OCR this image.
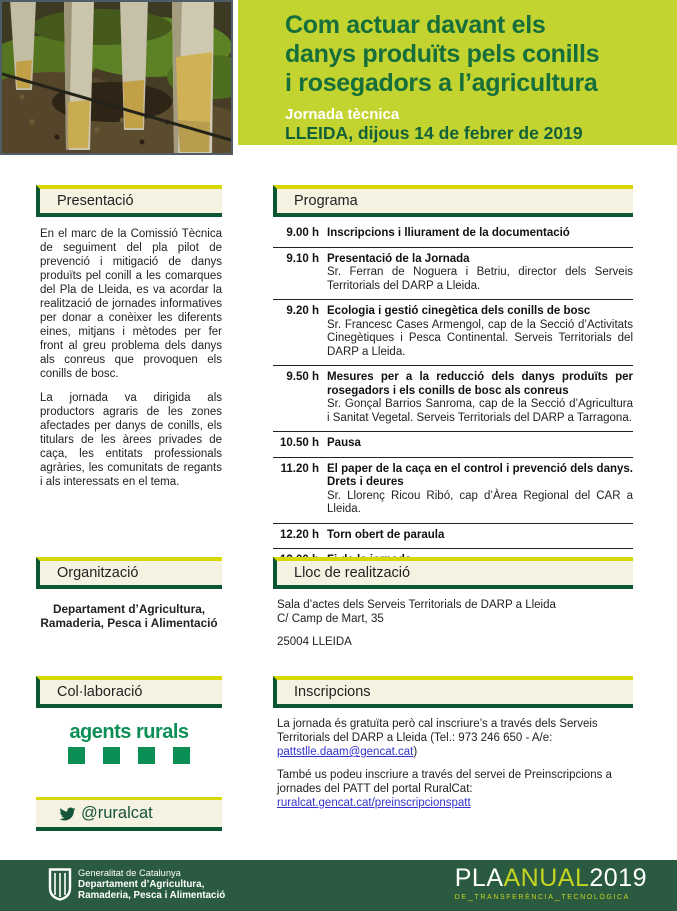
Com actuar davant els
danys produïts pels conills
i rosegadors a l’agricultura
Jornada tècnica
LLEIDA, dijous 14 de febrer de 2019
Presentació

En el marc de la Comissió Tècnica de seguiment del pla pilot de prevenció i mitigació de danys produïts pel conill a les comarques del Pla de Lleida, es va acordar la realització de jornades informatives per donar a conèixer les diferents eines, mitjans i mètodes per fer front al greu problema dels danys als conreus que provoquen els conills de bosc.

La jornada va dirigida als productors agraris de les zones afectades per danys de conills, els titulars de les àrees privades de caça, les entitats professionals agràries, les comunitats de regants i als interessats en el tema.

Programa
9.00 h Inscripcions i lliurament de la documentació
9.10 h Presentació de la Jornada
Sr. Ferran de Noguera i Betriu, director dels Serveis Territorials del DARP a Lleida.
9.20 h Ecologia i gestió cinegètica dels conills de bosc
Sr. Francesc Cases Armengol, cap de la Secció d’Activitats Cinegètiques i Pesca Continental. Serveis Territorials del DARP a Lleida.
9.50 h Mesures per a la reducció dels danys produïts per rosegadors i els conills de bosc als conreus
Sr. Gonçal Barrios Sanroma, cap de la Secció d’Agricultura i Sanitat Vegetal. Serveis Territorials del DARP a Tarragona.
10.50 h Pausa
11.20 h El paper de la caça en el control i prevenció dels danys. Drets i deures
Sr. Llorenç Ricou Ribó, cap d’Àrea Regional del CAR a Lleida.
12.20 h Torn obert de paraula
Organització
Departament d’Agricultura,
Ramaderia, Pesca i Alimentació
Lloc de realització
Sala d’actes dels Serveis Territorials de DARP a Lleida
C/ Camp de Mart, 35
25004 LLEIDA
Col·laboració
agents rurals
Inscripcions
La jornada és gratuïta però cal inscriure’s a través dels Serveis Territorials del DARP a Lleida (Tel.: 973 246 650 - A/e: pattstlle.daam@gencat.cat)
També us podeu inscriure a través del servei de Preinscripcions a jornades del PATT del portal RuralCat:
ruralcat.gencat.cat/preinscripcionspatt
@ruralcat
Generalitat de Catalunya
Departament d’Agricultura,
Ramaderia, Pesca i Alimentació
PLAANUAL2019
de_transferència_tecnològica
